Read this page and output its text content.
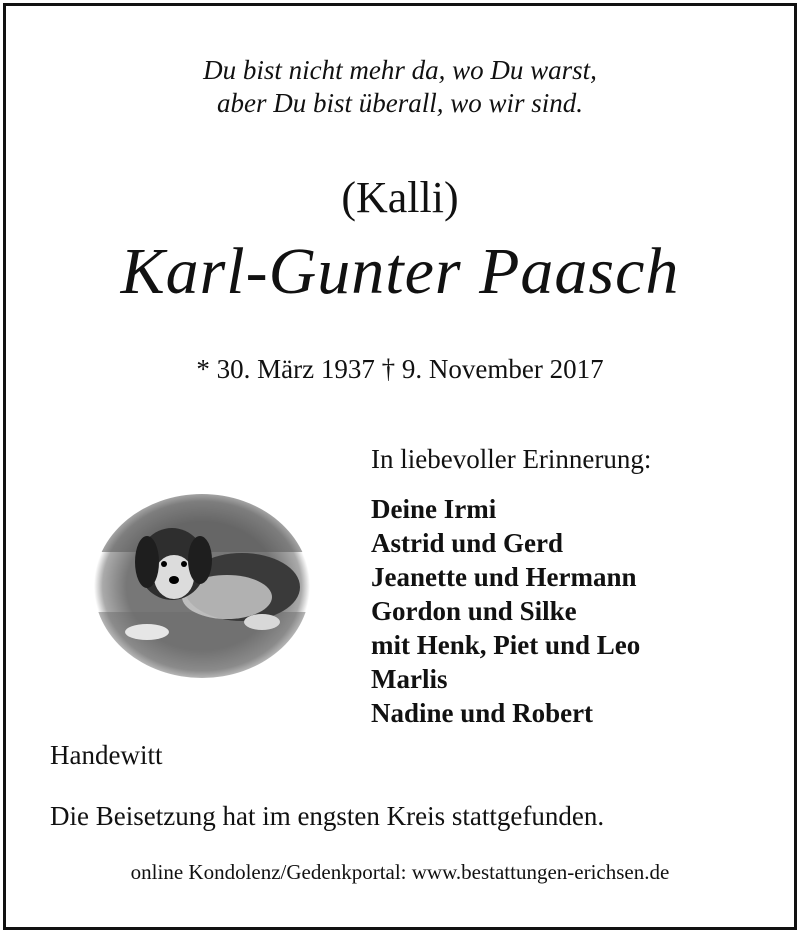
Du bist nicht mehr da, wo Du warst,

aber Du bist überall, wo wir sind.

(Kalli)

Karl-Gunter Paasch

* 30. März 1937 † 9. November 2017

In liebevoller Erinnerung:

Deine Irmi

Astrid und Gerd

Jeanette und Hermann

Gordon und Silke

mit Henk, Piet und Leo

Marlis

Nadine und Robert

Handewitt

Die Beisetzung hat im engsten Kreis stattgefunden.

online Kondolenz/Gedenkportal: www.bestattungen-erichsen.de
